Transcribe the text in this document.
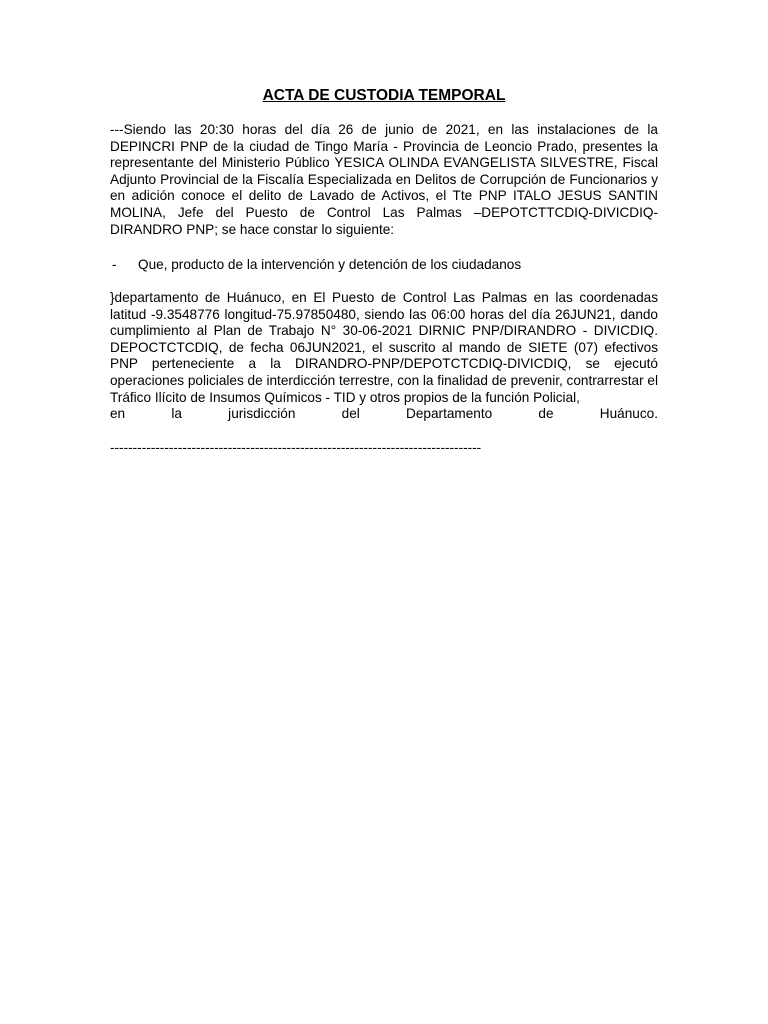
ACTA DE CUSTODIA TEMPORAL
---Siendo las 20:30 horas del día 26 de junio de 2021, en las instalaciones de la DEPINCRI PNP de la ciudad de Tingo María - Provincia de Leoncio Prado, presentes la representante del Ministerio Público YESICA OLINDA EVANGELISTA SILVESTRE, Fiscal Adjunto Provincial de la Fiscalía Especializada en Delitos de Corrupción de Funcionarios y en adición conoce el delito de Lavado de Activos, el Tte PNP ITALO JESUS SANTIN MOLINA, Jefe del Puesto de Control Las Palmas –DEPOTCTTCDIQ-DIVICDIQ-DIRANDRO PNP; se hace constar lo siguiente:
-	Que, producto de la intervención y detención de los ciudadanos
}departamento de Huánuco, en El Puesto de Control Las Palmas en las coordenadas latitud -9.3548776 longitud-75.97850480, siendo las 06:00 horas del día 26JUN21, dando cumplimiento al Plan de Trabajo N° 30-06-2021 DIRNIC PNP/DIRANDRO - DIVICDIQ. DEPOCTCTCDIQ, de fecha 06JUN2021, el suscrito al mando de SIETE (07) efectivos PNP perteneciente a la DIRANDRO-PNP/DEPOTCTCDIQ-DIVICDIQ, se ejecutó operaciones policiales de interdicción terrestre, con la finalidad de prevenir, contrarrestar el Tráfico Ilícito de Insumos Químicos - TID y otros propios de la función Policial,
en la jurisdicción del Departamento de Huánuco.
----------------------------------------------------------------------------------
